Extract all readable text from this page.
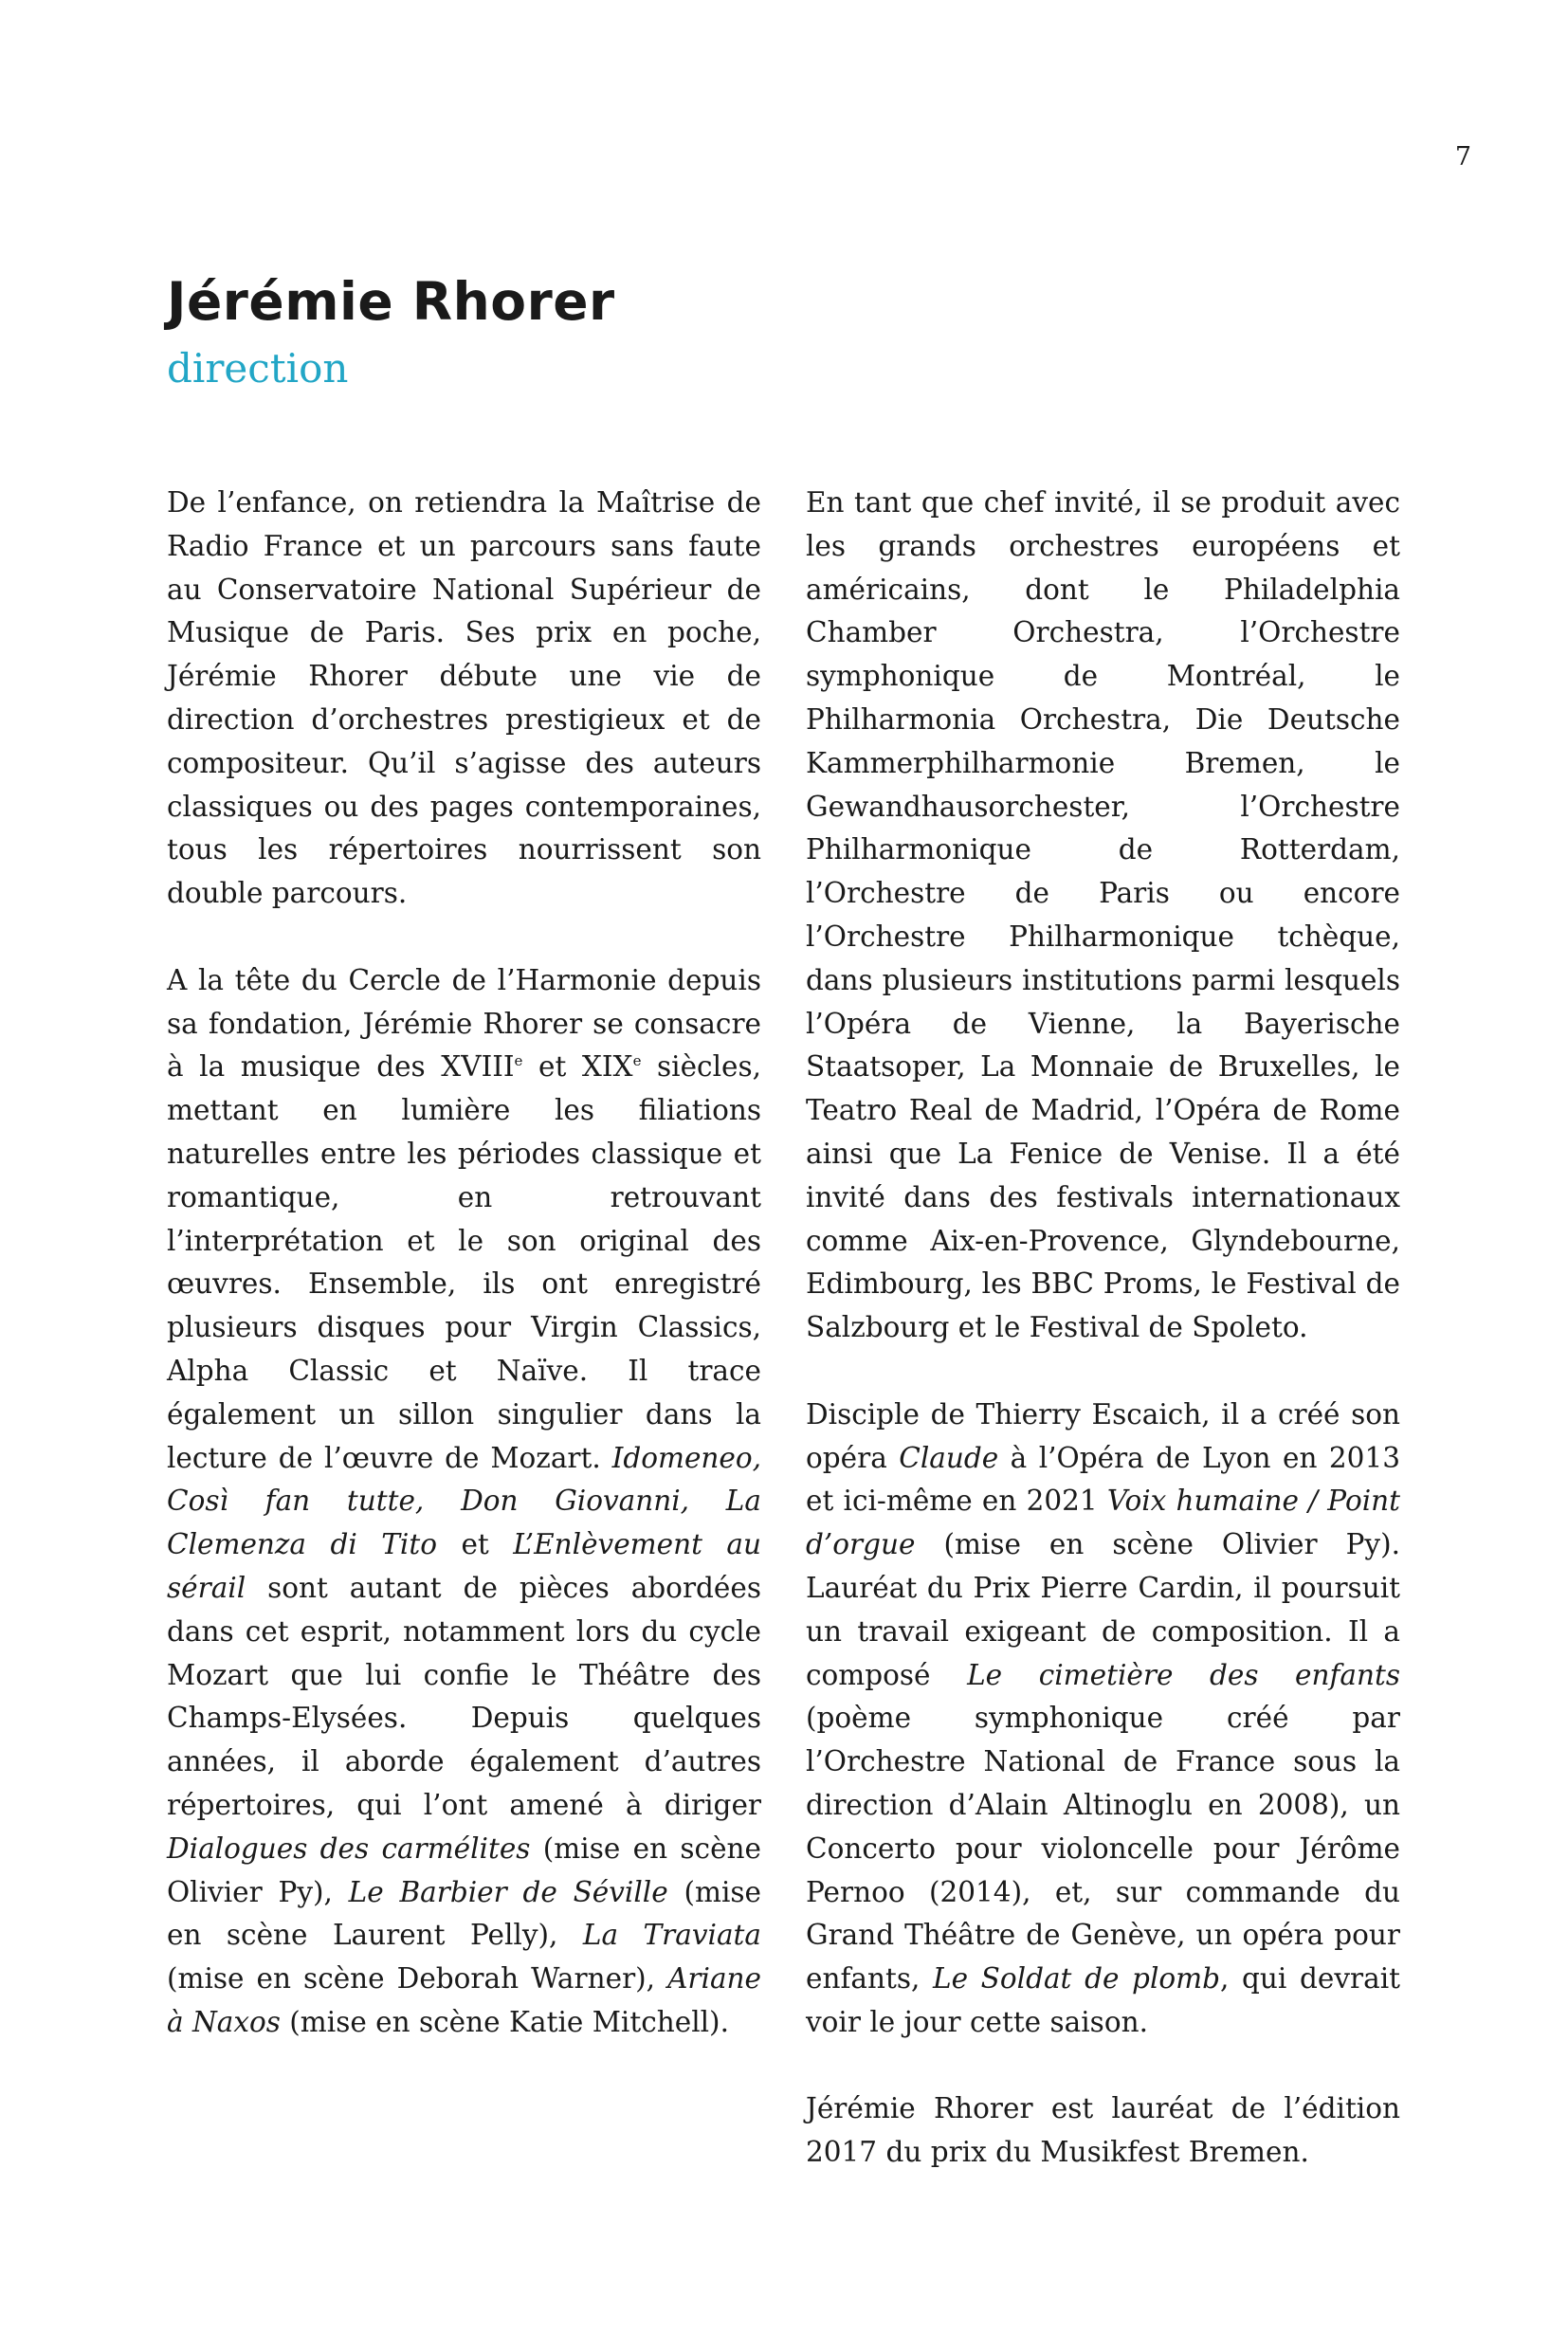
7
Jérémie Rhorer
direction

De l’enfance, on retiendra la Maîtrise de Radio France et un parcours sans faute au Conservatoire National Supérieur de Musique de Paris. Ses prix en poche, Jérémie Rhorer débute une vie de direction d’orchestres prestigieux et de compositeur. Qu’il s’agisse des auteurs classiques ou des pages contemporaines, tous les répertoires nourrissent son double parcours.

A la tête du Cercle de l’Harmonie depuis sa fondation, Jérémie Rhorer se consacre à la musique des XVIIIe et XIXe siècles, mettant en lumière les filiations naturelles entre les périodes classique et romantique, en retrouvant l’interprétation et le son original des œuvres. Ensemble, ils ont enregistré plusieurs disques pour Virgin Classics, Alpha Classic et Naïve. Il trace également un sillon singulier dans la lecture de l’œuvre de Mozart. Idomeneo, Così fan tutte, Don Giovanni, La Clemenza di Tito et L’Enlèvement au sérail sont autant de pièces abordées dans cet esprit, notamment lors du cycle Mozart que lui confie le Théâtre des Champs-Elysées. Depuis quelques années, il aborde également d’autres répertoires, qui l’ont amené à diriger Dialogues des carmélites (mise en scène Olivier Py), Le Barbier de Séville (mise en scène Laurent Pelly), La Traviata (mise en scène Deborah Warner), Ariane à Naxos (mise en scène Katie Mitchell).

En tant que chef invité, il se produit avec les grands orchestres européens et américains, dont le Philadelphia Chamber Orchestra, l’Orchestre symphonique de Montréal, le Philharmonia Orchestra, Die Deutsche Kammerphilharmonie Bremen, le Gewandhausorchester, l’Orchestre Philharmonique de Rotterdam, l’Orchestre de Paris ou encore l’Orchestre Philharmonique tchèque, dans plusieurs institutions parmi lesquels l’Opéra de Vienne, la Bayerische Staatsoper, La Monnaie de Bruxelles, le Teatro Real de Madrid, l’Opéra de Rome ainsi que La Fenice de Venise. Il a été invité dans des festivals internationaux comme Aix-en-Provence, Glyndebourne, Edimbourg, les BBC Proms, le Festival de Salzbourg et le Festival de Spoleto.

Disciple de Thierry Escaich, il a créé son opéra Claude à l’Opéra de Lyon en 2013 et ici-même en 2021 Voix humaine / Point d’orgue (mise en scène Olivier Py). Lauréat du Prix Pierre Cardin, il poursuit un travail exigeant de composition. Il a composé Le cimetière des enfants (poème symphonique créé par l’Orchestre National de France sous la direction d’Alain Altinoglu en 2008), un Concerto pour violoncelle pour Jérôme Pernoo (2014), et, sur commande du Grand Théâtre de Genève, un opéra pour enfants, Le Soldat de plomb, qui devrait voir le jour cette saison.

Jérémie Rhorer est lauréat de l’édition 2017 du prix du Musikfest Bremen.
